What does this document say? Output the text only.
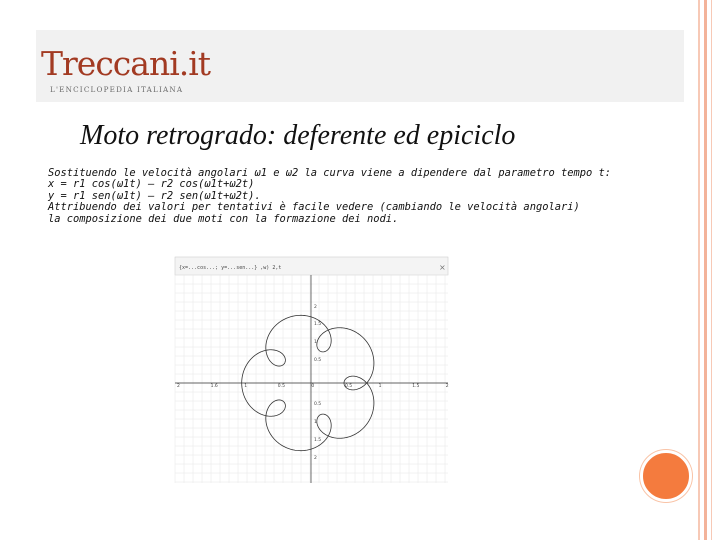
Treccani.it
L'ENCICLOPEDIA ITALIANA
Moto retrogrado: deferente ed epiciclo
Sostituendo le velocità angolari ω1 e ω2 la curva viene a dipendere dal parametro tempo t:
x = r1 cos(ω1t) – r2 cos(ω1t+ω2t)
y = r1 sen(ω1t) – r2 sen(ω1t+ω2t).
Attribuendo dei valori per tentativi è facile vedere (cambiando le velocità angolari)
la composizione dei due moti con la formazione dei nodi.
{x=...cos...; y=...sen...} ,w) 2,t	×
2	1.6	1	0.5	0	0.5	1	1.5	2
2
1.5
1
0.5
0.5
1
1.5
2
